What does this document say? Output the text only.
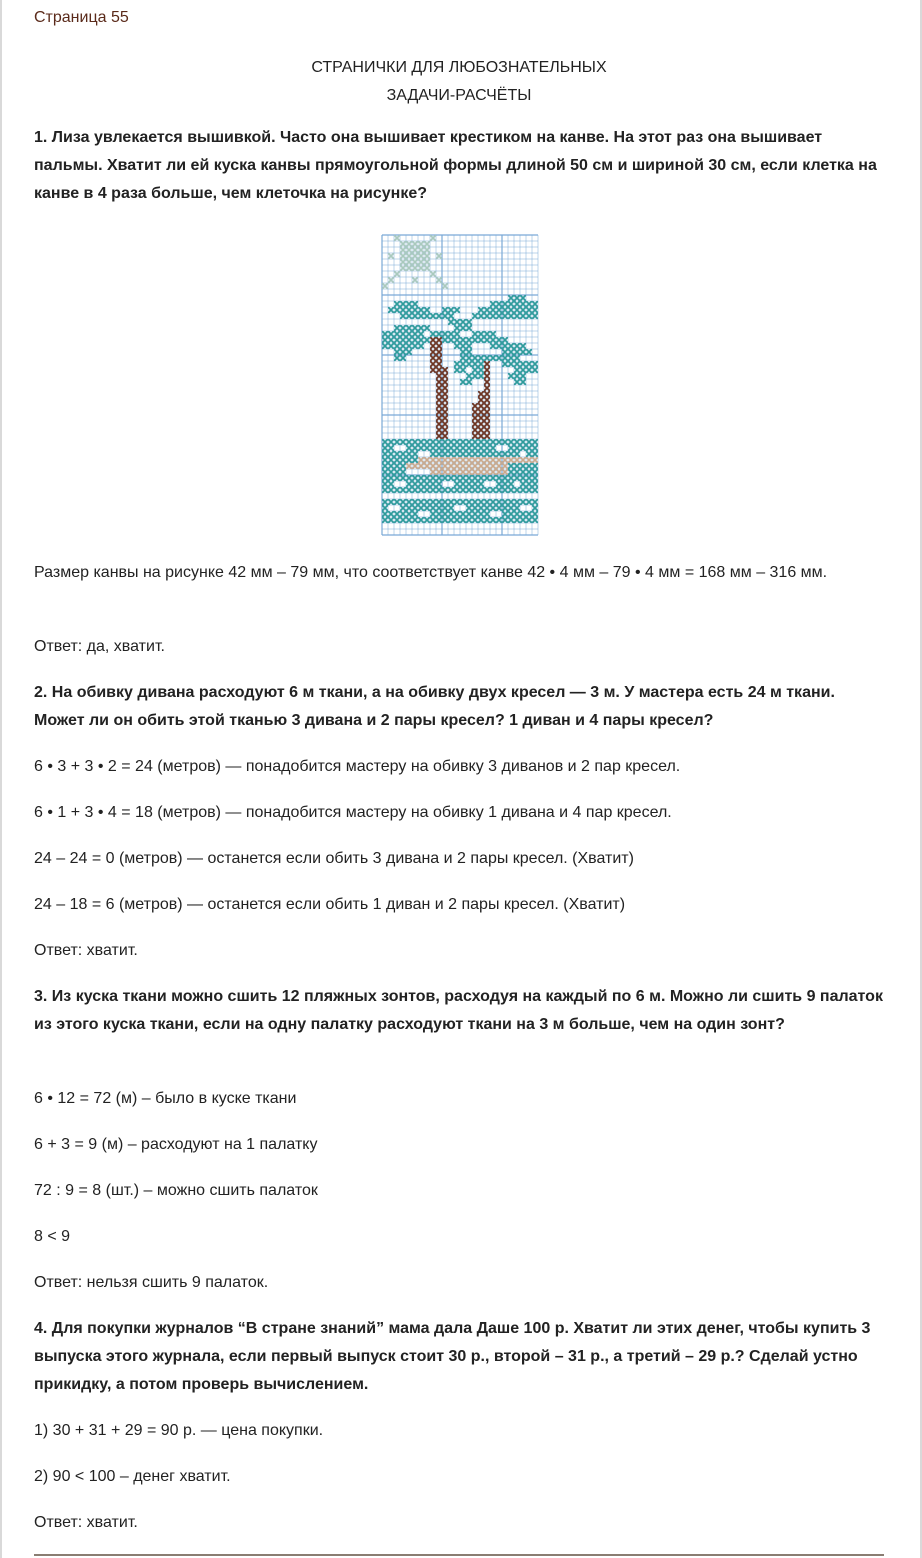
Страница 55
СТРАНИЧКИ ДЛЯ ЛЮБОЗНАТЕЛЬНЫХ
ЗАДАЧИ-РАСЧЁТЫ

1. Лиза увлекается вышивкой. Часто она вышивает крестиком на канве. На этот раз она вышивает пальмы. Хватит ли ей куска канвы прямоугольной формы длиной 50 см и шириной 30 см, если клетка на канве в 4 раза больше, чем клеточка на рисунке?

Размер канвы на рисунке 42 мм – 79 мм, что соответствует канве 42 • 4 мм – 79 • 4 мм = 168 мм – 316 мм.

Ответ: да, хватит.

2. На обивку дивана расходуют 6 м ткани, а на обивку двух кресел — 3 м. У мастера есть 24 м ткани. Может ли он обить этой тканью 3 дивана и 2 пары кресел? 1 диван и 4 пары кресел?

6 • 3 + 3 • 2 = 24 (метров) — понадобится мастеру на обивку 3 диванов и 2 пар кресел.

6 • 1 + 3 • 4 = 18 (метров) — понадобится мастеру на обивку 1 дивана и 4 пар кресел.

24 – 24 = 0 (метров) — останется если обить 3 дивана и 2 пары кресел. (Хватит)

24 – 18 = 6 (метров) — останется если обить 1 диван и 2 пары кресел. (Хватит)

Ответ: хватит.

3. Из куска ткани можно сшить 12 пляжных зонтов, расходуя на каждый по 6 м. Можно ли сшить 9 палаток из этого куска ткани, если на одну палатку расходуют ткани на 3 м больше, чем на один зонт?

6 • 12 = 72 (м) – было в куске ткани

6 + 3 = 9 (м) – расходуют на 1 палатку

72 : 9 = 8 (шт.) – можно сшить палаток

8 < 9

Ответ: нельзя сшить 9 палаток.

4. Для покупки журналов “В стране знаний” мама дала Даше 100 р. Хватит ли этих денег, чтобы купить 3 выпуска этого журнала, если первый выпуск стоит 30 р., второй – 31 р., а третий – 29 р.? Сделай устно прикидку, а потом проверь вычислением.

1) 30 + 31 + 29 = 90 р. — цена покупки.

2) 90 < 100 – денег хватит.

Ответ: хватит.
